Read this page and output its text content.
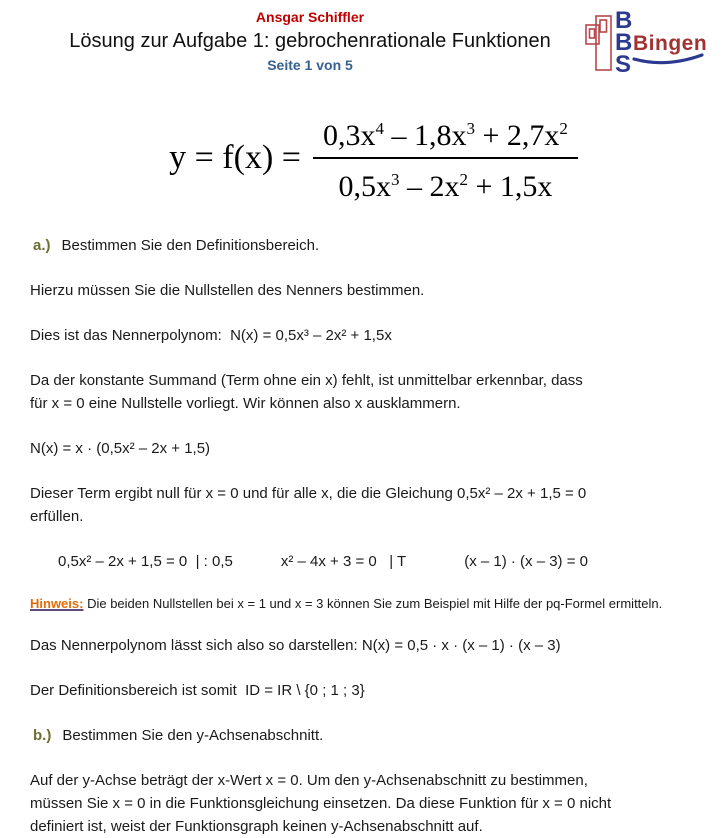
Ansgar Schiffler
Lösung zur Aufgabe 1: gebrochenrationale Funktionen
Seite 1 von 5
B
B
S
Bingen
$y = f(x) = \frac{0,3x^4 - 1,8x^3 + 2,7x^2}{0,5x^3 - 2x^2 + 1,5x}$

a.) Bestimmen Sie den Definitionsbereich.

Hierzu müssen Sie die Nullstellen des Nenners bestimmen.

Dies ist das Nennerpolynom:  N(x) = 0,5x³ – 2x² + 1,5x

Da der konstante Summand (Term ohne ein x) fehlt, ist unmittelbar erkennbar, dass
für x = 0 eine Nullstelle vorliegt. Wir können also x ausklammern.

N(x) = x · (0,5x² – 2x + 1,5)

Dieser Term ergibt null für x = 0 und für alle x, die die Gleichung 0,5x² – 2x + 1,5 = 0
erfüllen.

0,5x² – 2x + 1,5 = 0  | : 0,5	x² – 4x + 3 = 0   | T	(x – 1) · (x – 3) = 0

Hinweis: Die beiden Nullstellen bei x = 1 und x = 3 können Sie zum Beispiel mit Hilfe der pq-Formel ermitteln.

Das Nennerpolynom lässt sich also so darstellen: N(x) = 0,5 · x · (x – 1) · (x – 3)

Der Definitionsbereich ist somit  ID = IR \ {0 ; 1 ; 3}

b.) Bestimmen Sie den y-Achsenabschnitt.

Auf der y-Achse beträgt der x-Wert x = 0. Um den y-Achsenabschnitt zu bestimmen,
müssen Sie x = 0 in die Funktionsgleichung einsetzen. Da diese Funktion für x = 0 nicht
definiert ist, weist der Funktionsgraph keinen y-Achsenabschnitt auf.
